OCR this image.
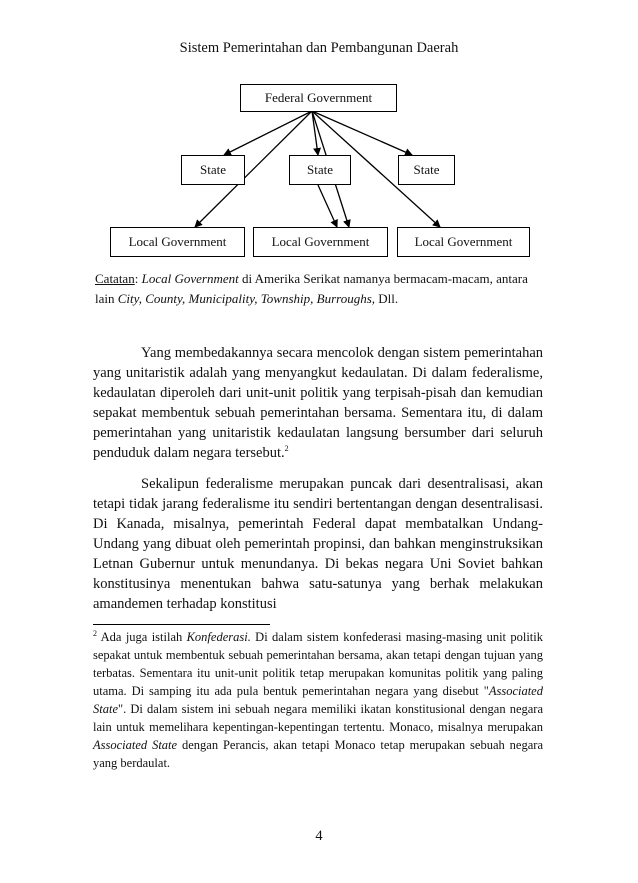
Sistem Pemerintahan dan Pembangunan Daerah
Federal Government
State	State	State
Local Government	Local Government	Local Government
Catatan: Local Government di Amerika Serikat namanya bermacam-macam, antara lain City, County, Municipality, Township, Burroughs, Dll.

Yang membedakannya secara mencolok dengan sistem pemerintahan yang unitaristik adalah yang menyangkut kedaulatan. Di dalam federalisme, kedaulatan diperoleh dari unit-unit politik yang terpisah-pisah dan kemudian sepakat membentuk sebuah pemerintahan bersama. Sementara itu, di dalam pemerintahan yang unitaristik kedaulatan langsung bersumber dari seluruh penduduk dalam negara tersebut.$^2$

Sekalipun federalisme merupakan puncak dari desentralisasi, akan tetapi tidak jarang federalisme itu sendiri bertentangan dengan desentralisasi. Di Kanada, misalnya, pemerintah Federal dapat membatalkan Undang-Undang yang dibuat oleh pemerintah propinsi, dan bahkan menginstruksikan Letnan Gubernur untuk menundanya. Di bekas negara Uni Soviet bahkan konstitusinya menentukan bahwa satu-satunya yang berhak melakukan amandemen terhadap konstitusi

$^2$ Ada juga istilah Konfederasi. Di dalam sistem konfederasi masing-masing unit politik sepakat untuk membentuk sebuah pemerintahan bersama, akan tetapi dengan tujuan yang terbatas. Sementara itu unit-unit politik tetap merupakan komunitas politik yang paling utama. Di samping itu ada pula bentuk pemerintahan negara yang disebut "Associated State". Di dalam sistem ini sebuah negara memiliki ikatan konstitusional dengan negara lain untuk memelihara kepentingan-kepentingan tertentu. Monaco, misalnya merupakan Associated State dengan Perancis, akan tetapi Monaco tetap merupakan sebuah negara yang berdaulat.
4
